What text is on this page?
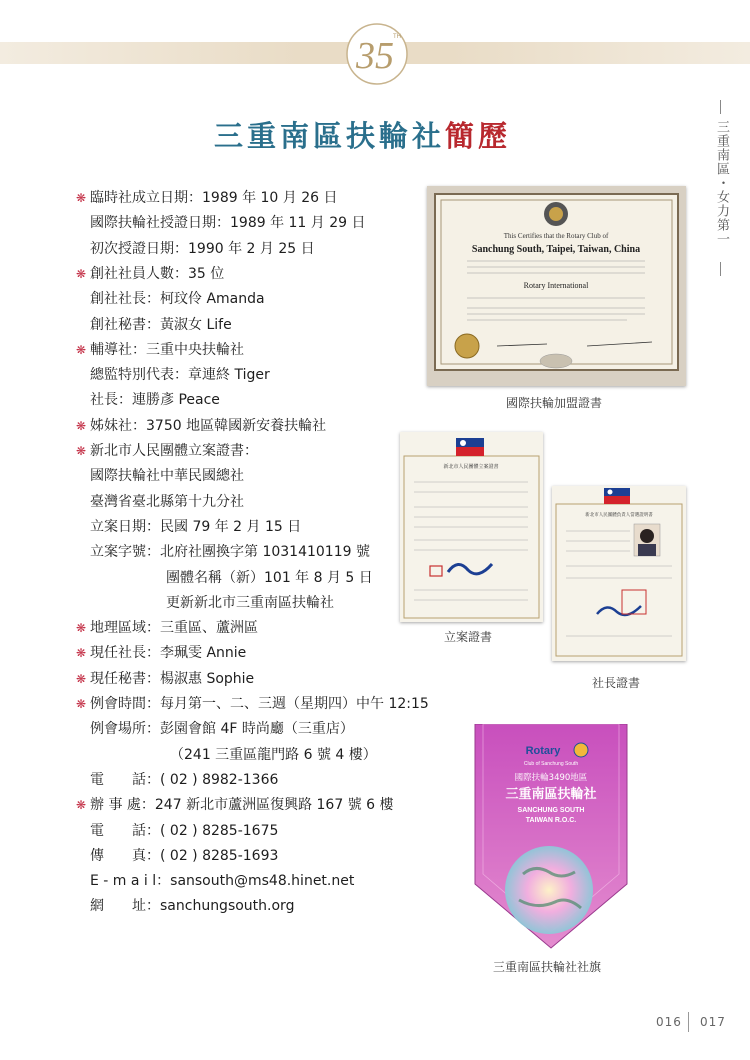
35 TH
三重南區・女力第一
三重南區扶輪社簡歷
❋ 臨時社成立日期：1989 年 10 月 26 日
國際扶輪社授證日期：1989 年 11 月 29 日
初次授證日期：1990 年 2 月 25 日
❋ 創社社員人數：35 位
創社社長：柯玟伶 Amanda
創社秘書：黃淑女 Life
❋ 輔導社：三重中央扶輪社
總監特別代表：章連終 Tiger
社長：連勝彥 Peace
❋ 姊妹社：3750 地區韓國新安養扶輪社
❋ 新北市人民團體立案證書：
國際扶輪社中華民國總社
臺灣省臺北縣第十九分社
立案日期：民國 79 年 2 月 15 日
立案字號：北府社團換字第 1031410119 號
團體名稱（新）101 年 8 月 5 日
更新新北市三重南區扶輪社
❋ 地理區域：三重區、蘆洲區
❋ 現任社長：李珮雯 Annie
❋ 現任秘書：楊淑惠 Sophie
❋ 例會時間：每月第一、二、三週（星期四）中午 12:15
例會場所：彭園會館 4F 時尚廳（三重店）
（241 三重區龍門路 6 號 4 樓）
電　　話：( 02 ) 8982-1366
❋ 辦 事 處：247 新北市蘆洲區復興路 167 號 6 樓
電　　話：( 02 ) 8285-1675
傳　　真：( 02 ) 8285-1693
E - m a i l：sansouth@ms48.hinet.net
網　　址：sanchungsouth.org
This Certifies that the Rotary Club of
Sanchung South, Taipei, Taiwan, China
Rotary International
國際扶輪加盟證書
新北市人民團體立案證書
立案證書
新北市人民團體負責人當選證明書
社長證書
Rotary
Club of Sanchung South
國際扶輪3490地區
三重南區扶輪社
SANCHUNG SOUTH
TAIWAN R.O.C.
三重南區扶輪社社旗
016 017
